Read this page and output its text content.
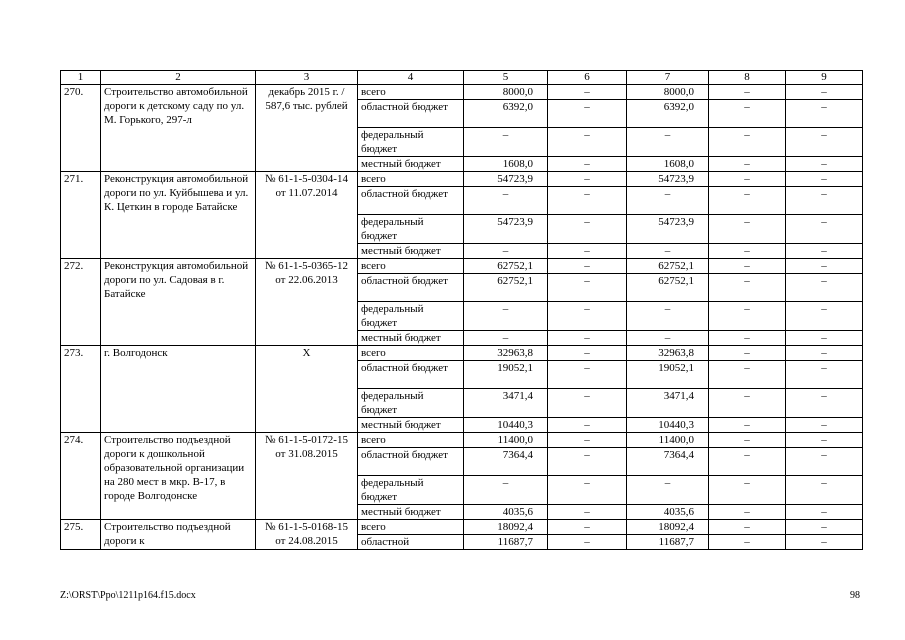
1	2	3	4	5	6	7	8	9
270.	Строительство автомобильной дороги к детскому саду по ул. М. Горького, 297-л	декабрь 2015 г. / 587,6 тыс. рублей	всего	8000,0	–	8000,0	–	–
			областной бюджет	6392,0	–	6392,0	–	–
			федеральный бюджет	–	–	–	–	–
			местный бюджет	1608,0	–	1608,0	–	–
271.	Реконструкция автомобильной дороги по ул. Куйбышева и ул. К. Цеткин в городе Батайске	№ 61-1-5-0304-14 от 11.07.2014	всего	54723,9	–	54723,9	–	–
			областной бюджет	–	–	–	–	–
			федеральный бюджет	54723,9	–	54723,9	–	–
			местный бюджет	–	–	–	–	–
272.	Реконструкция автомобильной дороги по ул. Садовая в г. Батайске	№ 61-1-5-0365-12 от 22.06.2013	всего	62752,1	–	62752,1	–	–
			областной бюджет	62752,1	–	62752,1	–	–
			федеральный бюджет	–	–	–	–	–
			местный бюджет	–	–	–	–	–
273.	г. Волгодонск	Х	всего	32963,8	–	32963,8	–	–
			областной бюджет	19052,1	–	19052,1	–	–
			федеральный бюджет	3471,4	–	3471,4	–	–
			местный бюджет	10440,3	–	10440,3	–	–
274.	Строительство подъездной дороги к дошкольной образовательной организации на 280 мест в мкр. В-17, в городе Волгодонске	№ 61-1-5-0172-15 от 31.08.2015	всего	11400,0	–	11400,0	–	–
			областной бюджет	7364,4	–	7364,4	–	–
			федеральный бюджет	–	–	–	–	–
			местный бюджет	4035,6	–	4035,6	–	–
275.	Строительство подъездной дороги к	№ 61-1-5-0168-15 от 24.08.2015	всего	18092,4	–	18092,4	–	–
			областной	11687,7	–	11687,7	–	–
Z:\ORST\Ppo\1211p164.f15.docx	98
